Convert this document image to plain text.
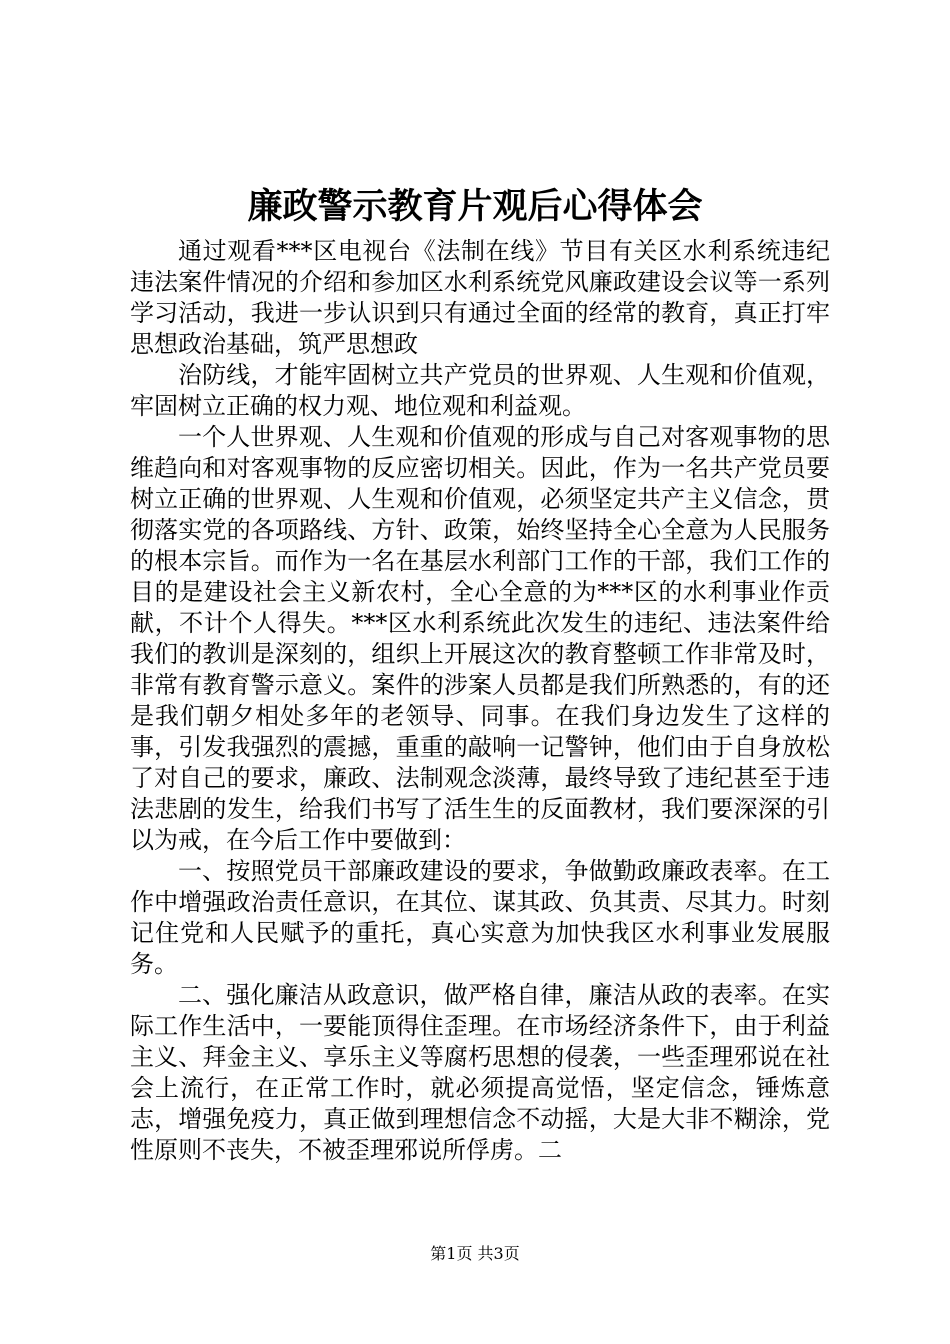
廉政警示教育片观后心得体会

通过观看***区电视台《法制在线》节目有关区水利系统违纪违法案件情况的介绍和参加区水利系统党风廉政建设会议等一系列学习活动，我进一步认识到只有通过全面的经常的教育，真正打牢思想政治基础，筑严思想政

治防线，才能牢固树立共产党员的世界观、人生观和价值观，牢固树立正确的权力观、地位观和利益观。

一个人世界观、人生观和价值观的形成与自己对客观事物的思维趋向和对客观事物的反应密切相关。因此，作为一名共产党员要树立正确的世界观、人生观和价值观，必须坚定共产主义信念，贯彻落实党的各项路线、方针、政策，始终坚持全心全意为人民服务的根本宗旨。而作为一名在基层水利部门工作的干部，我们工作的目的是建设社会主义新农村，全心全意的为***区的水利事业作贡献，不计个人得失。***区水利系统此次发生的违纪、违法案件给我们的教训是深刻的，组织上开展这次的教育整顿工作非常及时，非常有教育警示意义。案件的涉案人员都是我们所熟悉的，有的还是我们朝夕相处多年的老领导、同事。在我们身边发生了这样的事，引发我强烈的震撼，重重的敲响一记警钟，他们由于自身放松了对自己的要求，廉政、法制观念淡薄，最终导致了违纪甚至于违法悲剧的发生，给我们书写了活生生的反面教材，我们要深深的引以为戒，在今后工作中要做到：

一、按照党员干部廉政建设的要求，争做勤政廉政表率。在工作中增强政治责任意识，在其位、谋其政、负其责、尽其力。时刻记住党和人民赋予的重托，真心实意为加快我区水利事业发展服务。

二、强化廉洁从政意识，做严格自律，廉洁从政的表率。在实际工作生活中，一要能顶得住歪理。在市场经济条件下，由于利益主义、拜金主义、享乐主义等腐朽思想的侵袭，一些歪理邪说在社会上流行，在正常工作时，就必须提高觉悟，坚定信念，锤炼意志，增强免疫力，真正做到理想信念不动摇，大是大非不糊涂，党性原则不丧失，不被歪理邪说所俘虏。二

第1页 共3页
